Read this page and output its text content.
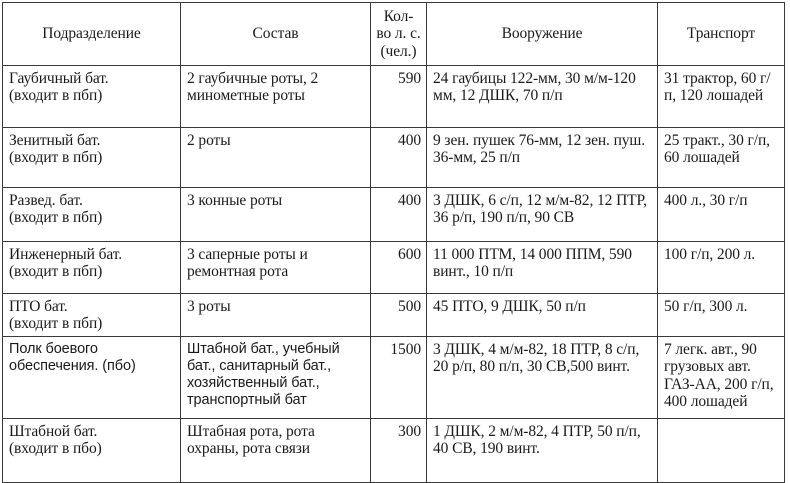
Подразделение	Состав	Кол-
во л. с.
(чел.)	Вооружение	Транспорт

Гаубичный бат.
(входит в пбп)	2 гаубичные роты, 2 минометные роты	590	24 гаубицы 122-мм, 30 м/м-120 мм, 12 ДШК, 70 п/п	31 трактор, 60 г/п, 120 лошадей

Зенитный бат.
(входит в пбп)	2 роты	400	9 зен. пушек 76-мм, 12 зен. пуш. 36-мм, 25 п/п	25 тракт., 30 г/п, 60 лошадей

Развед. бат.
(входит в пбп)	3 конные роты	400	3 ДШК, 6 с/п, 12 м/м-82, 12 ПТР, 36 р/п, 190 п/п, 90 СВ	400 л., 30 г/п

Инженерный бат.
(входит в пбп)	3 саперные роты и ремонтная рота	600	11 000 ПТМ, 14 000 ППМ, 590 винт., 10 п/п	100 г/п, 200 л.

ПТО бат.
(входит в пбп)	3 роты	500	45 ПТО, 9 ДШК, 50 п/п	50 г/п, 300 л.

Полк боевого
обеспечения. (пбо)	Штабной бат., учебный бат., санитарный бат., хозяйственный бат., транспортный бат	1500	3 ДШК, 4 м/м-82, 18 ПТР, 8 с/п, 20 р/п, 80 п/п, 30 СВ,500 винт.	7 легк. авт., 90 грузовых авт. ГАЗ-АА, 200 г/п, 400 лошадей

Штабной бат.
(входит в пбо)	Штабная рота, рота охраны, рота связи	300	1 ДШК, 2 м/м-82, 4 ПТР, 50 п/п, 40 СВ, 190 винт.	
